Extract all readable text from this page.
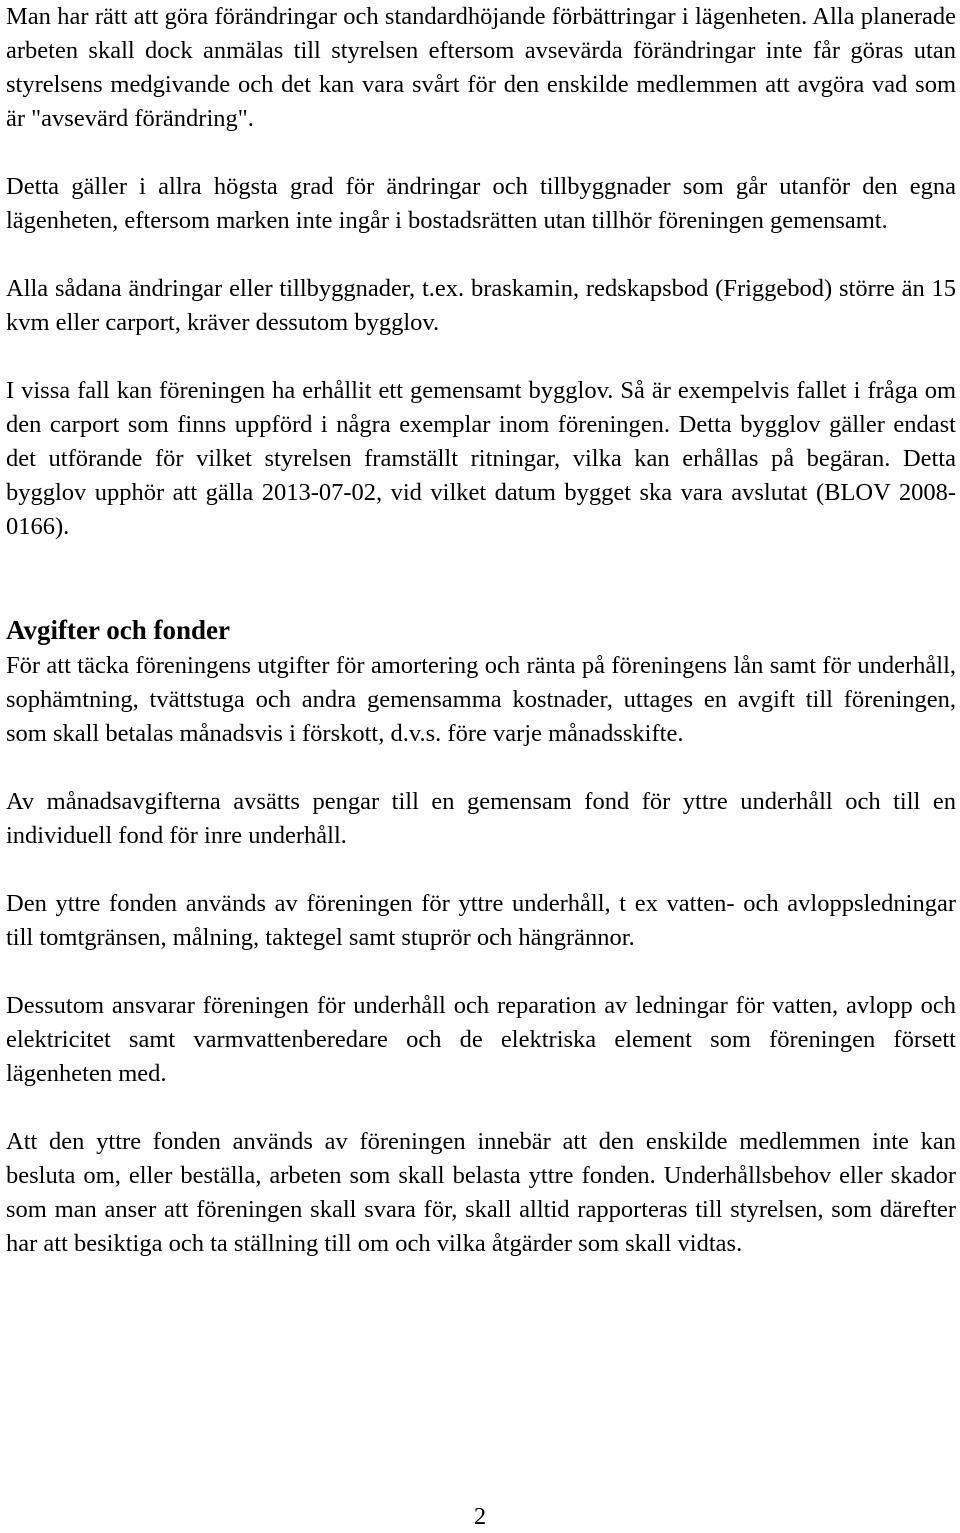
Man har rätt att göra förändringar och standardhöjande förbättringar i lägenheten. Alla planerade arbeten skall dock anmälas till styrelsen eftersom avsevärda förändringar inte får göras utan styrelsens medgivande och det kan vara svårt för den enskilde medlemmen att avgöra vad som är "avsevärd förändring".

Detta gäller i allra högsta grad för ändringar och tillbyggnader som går utanför den egna lägenheten, eftersom marken inte ingår i bostadsrätten utan tillhör föreningen gemensamt.

Alla sådana ändringar eller tillbyggnader, t.ex. braskamin, redskapsbod (Friggebod) större än 15 kvm eller carport, kräver dessutom bygglov.

I vissa fall kan föreningen ha erhållit ett gemensamt bygglov. Så är exempelvis fallet i fråga om den carport som finns uppförd i några exemplar inom föreningen. Detta bygglov gäller endast det utförande för vilket styrelsen framställt ritningar, vilka kan erhållas på begäran. Detta bygglov upphör att gälla 2013-07-02, vid vilket datum bygget ska vara avslutat (BLOV 2008-0166).

Avgifter och fonder

För att täcka föreningens utgifter för amortering och ränta på föreningens lån samt för underhåll, sophämtning, tvättstuga och andra gemensamma kostnader, uttages en avgift till föreningen, som skall betalas månadsvis i förskott, d.v.s. före varje månadsskifte.

Av månadsavgifterna avsätts pengar till en gemensam fond för yttre underhåll och till en individuell fond för inre underhåll.

Den yttre fonden används av föreningen för yttre underhåll, t ex vatten- och avloppsledningar till tomtgränsen, målning, taktegel samt stuprör och hängrännor.

Dessutom ansvarar föreningen för underhåll och reparation av ledningar för vatten, avlopp och elektricitet samt varmvattenberedare och de elektriska element som föreningen försett lägenheten med.

Att den yttre fonden används av föreningen innebär att den enskilde medlemmen inte kan besluta om, eller beställa, arbeten som skall belasta yttre fonden. Underhållsbehov eller skador som man anser att föreningen skall svara för, skall alltid rapporteras till styrelsen, som därefter har att besiktiga och ta ställning till om och vilka åtgärder som skall vidtas.

2
